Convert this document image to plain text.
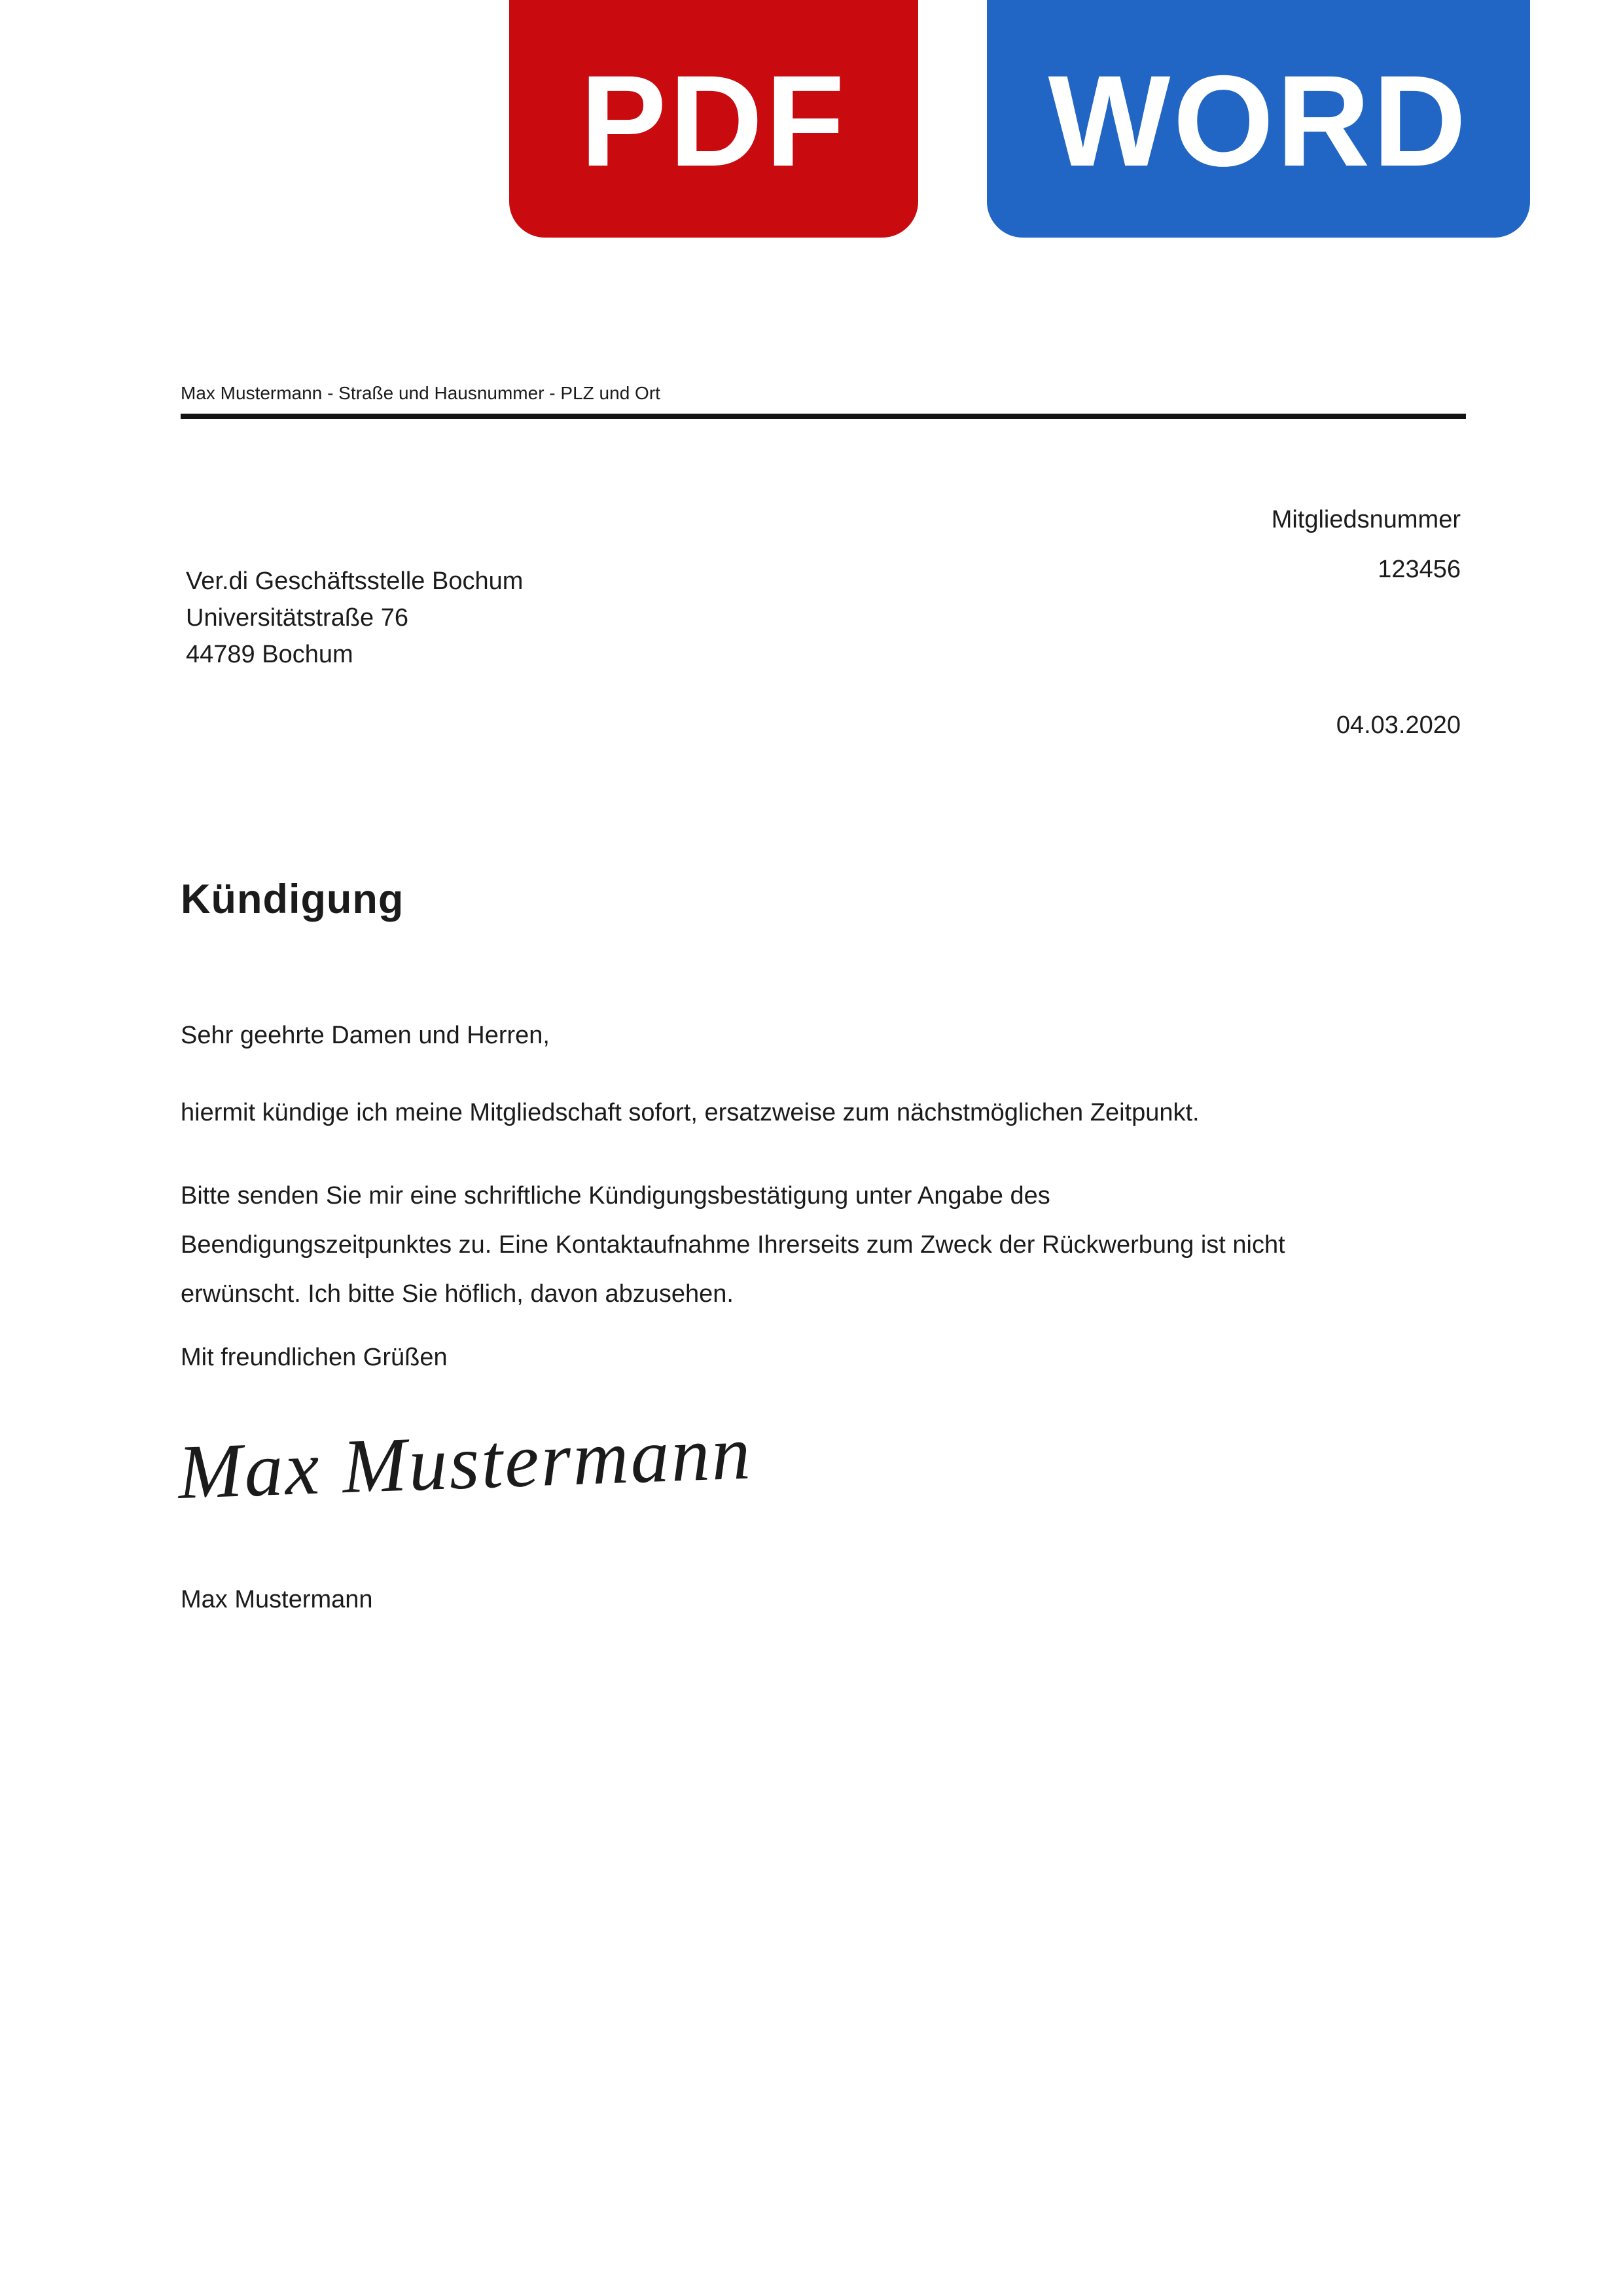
PDF WORD
Max Mustermann - Straße und Hausnummer - PLZ und Ort
Mitgliedsnummer
123456
Ver.di Geschäftsstelle Bochum
Universitätstraße 76
44789 Bochum
04.03.2020
Kündigung
Sehr geehrte Damen und Herren,
hiermit kündige ich meine Mitgliedschaft sofort, ersatzweise zum nächstmöglichen Zeitpunkt.
Bitte senden Sie mir eine schriftliche Kündigungsbestätigung unter Angabe des
Beendigungszeitpunktes zu. Eine Kontaktaufnahme Ihrerseits zum Zweck der Rückwerbung ist nicht
erwünscht. Ich bitte Sie höflich, davon abzusehen.
Mit freundlichen Grüßen
Max Mustermann
Max Mustermann
